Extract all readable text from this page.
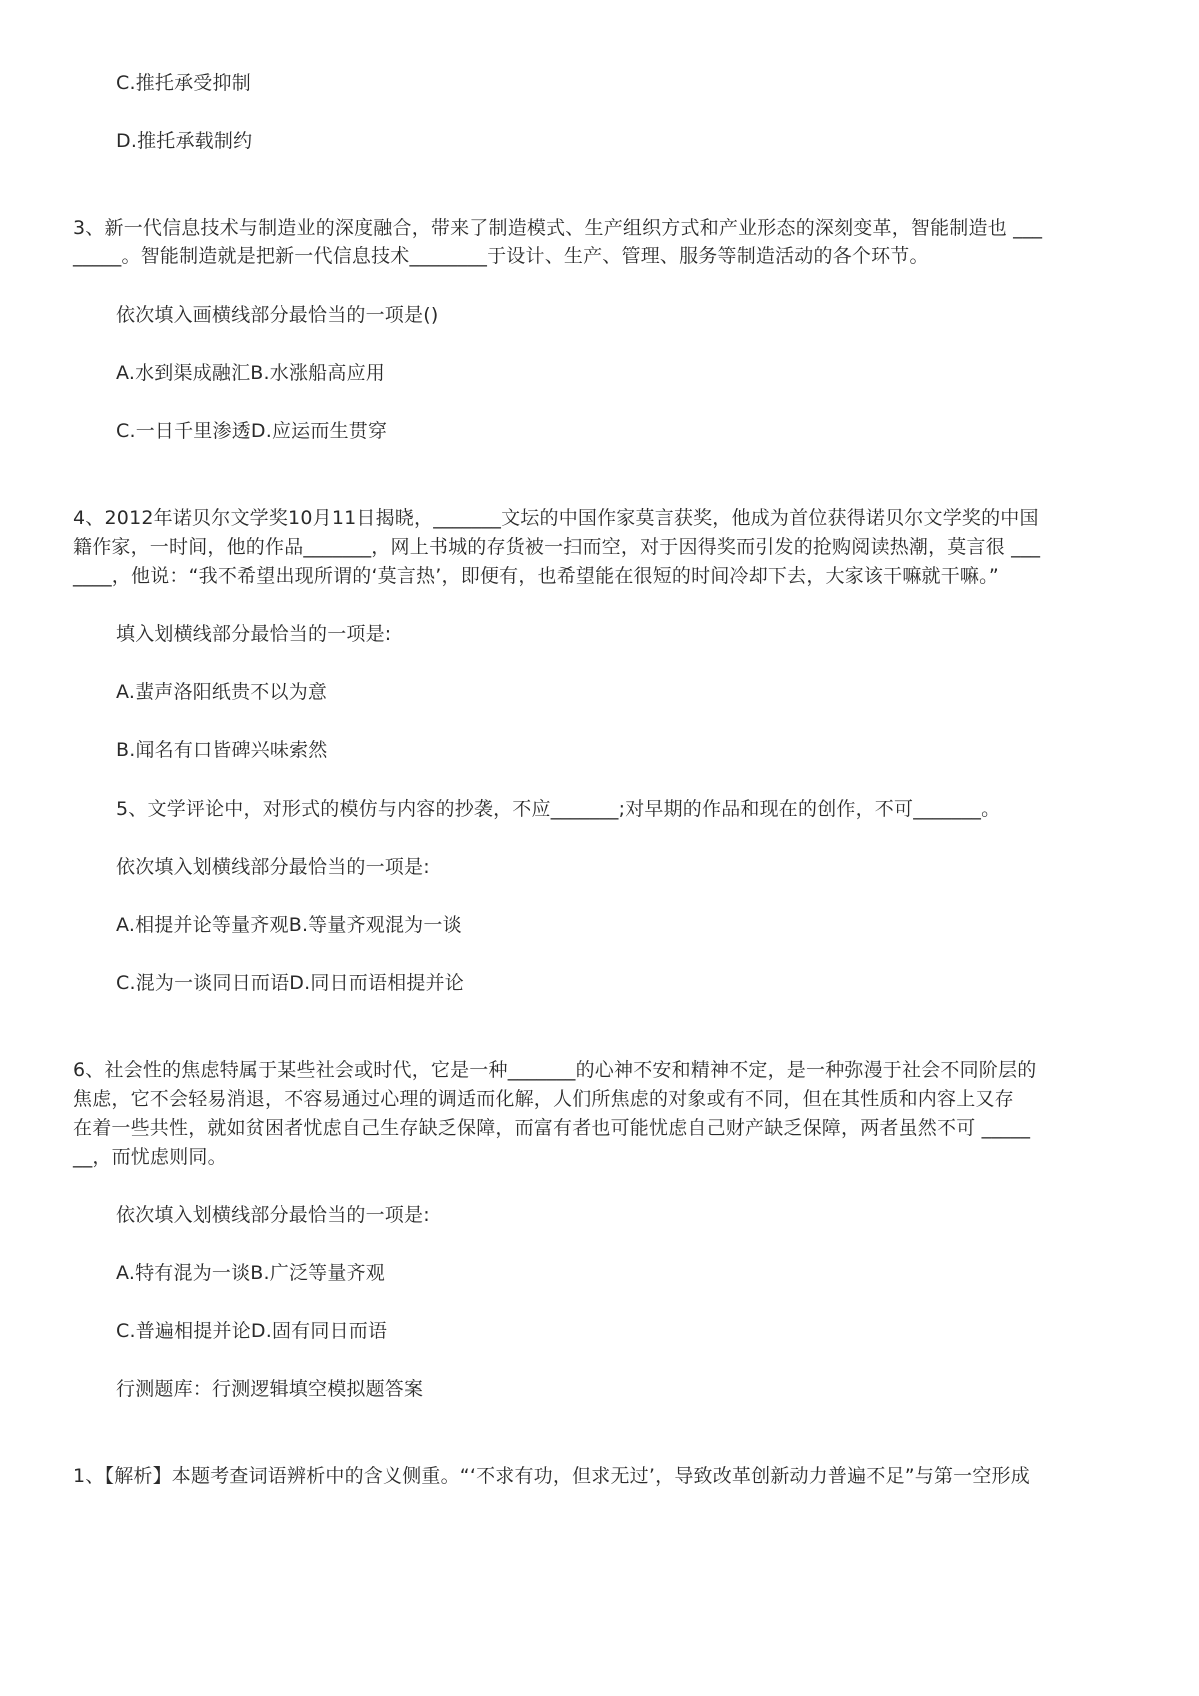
C.推托承受抑制
D.推托承载制约
3、新一代信息技术与制造业的深度融合，带来了制造模式、生产组织方式和产业形态的深刻变革，智能制造也 ___
_____。智能制造就是把新一代信息技术________于设计、生产、管理、服务等制造活动的各个环节。
依次填入画横线部分最恰当的一项是()
A.水到渠成融汇B.水涨船高应用
C.一日千里渗透D.应运而生贯穿
4、2012年诺贝尔文学奖10月11日揭晓，_______文坛的中国作家莫言获奖，他成为首位获得诺贝尔文学奖的中国
籍作家，一时间，他的作品_______，网上书城的存货被一扫而空，对于因得奖而引发的抢购阅读热潮，莫言很 ___
____，他说：“我不希望出现所谓的‘莫言热’，即便有，也希望能在很短的时间冷却下去，大家该干嘛就干嘛。”
填入划横线部分最恰当的一项是:
A.蜚声洛阳纸贵不以为意
B.闻名有口皆碑兴味索然
5、文学评论中，对形式的模仿与内容的抄袭，不应_______;对早期的作品和现在的创作，不可_______。
依次填入划横线部分最恰当的一项是:
A.相提并论等量齐观B.等量齐观混为一谈
C.混为一谈同日而语D.同日而语相提并论
6、社会性的焦虑特属于某些社会或时代，它是一种_______的心神不安和精神不定，是一种弥漫于社会不同阶层的
焦虑，它不会轻易消退，不容易通过心理的调适而化解，人们所焦虑的对象或有不同，但在其性质和内容上又存
在着一些共性，就如贫困者忧虑自己生存缺乏保障，而富有者也可能忧虑自己财产缺乏保障，两者虽然不可 _____
__，而忧虑则同。
依次填入划横线部分最恰当的一项是:
A.特有混为一谈B.广泛等量齐观
C.普遍相提并论D.固有同日而语
行测题库：行测逻辑填空模拟题答案
1、【解析】本题考查词语辨析中的含义侧重。“‘不求有功，但求无过’，导致改革创新动力普遍不足”与第一空形成
